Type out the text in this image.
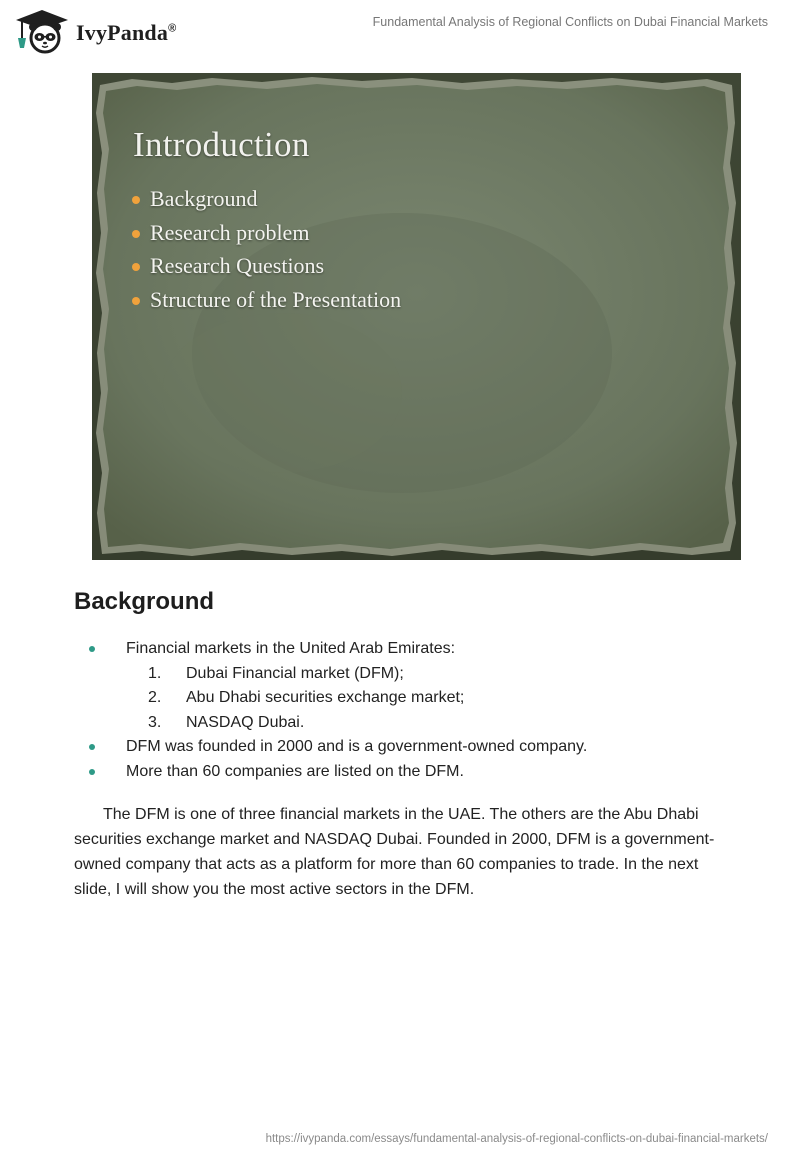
IvyPanda®	Fundamental Analysis of Regional Conflicts on Dubai Financial Markets
Introduction
Background
Research problem
Research Questions
Structure of the Presentation
Background
Financial markets in the United Arab Emirates:
1. Dubai Financial market (DFM);
2. Abu Dhabi securities exchange market;
3. NASDAQ Dubai.
DFM was founded in 2000 and is a government-owned company.
More than 60 companies are listed on the DFM.

The DFM is one of three financial markets in the UAE. The others are the Abu Dhabi securities exchange market and NASDAQ Dubai. Founded in 2000, DFM is a government-owned company that acts as a platform for more than 60 companies to trade. In the next slide, I will show you the most active sectors in the DFM.

https://ivypanda.com/essays/fundamental-analysis-of-regional-conflicts-on-dubai-financial-markets/
